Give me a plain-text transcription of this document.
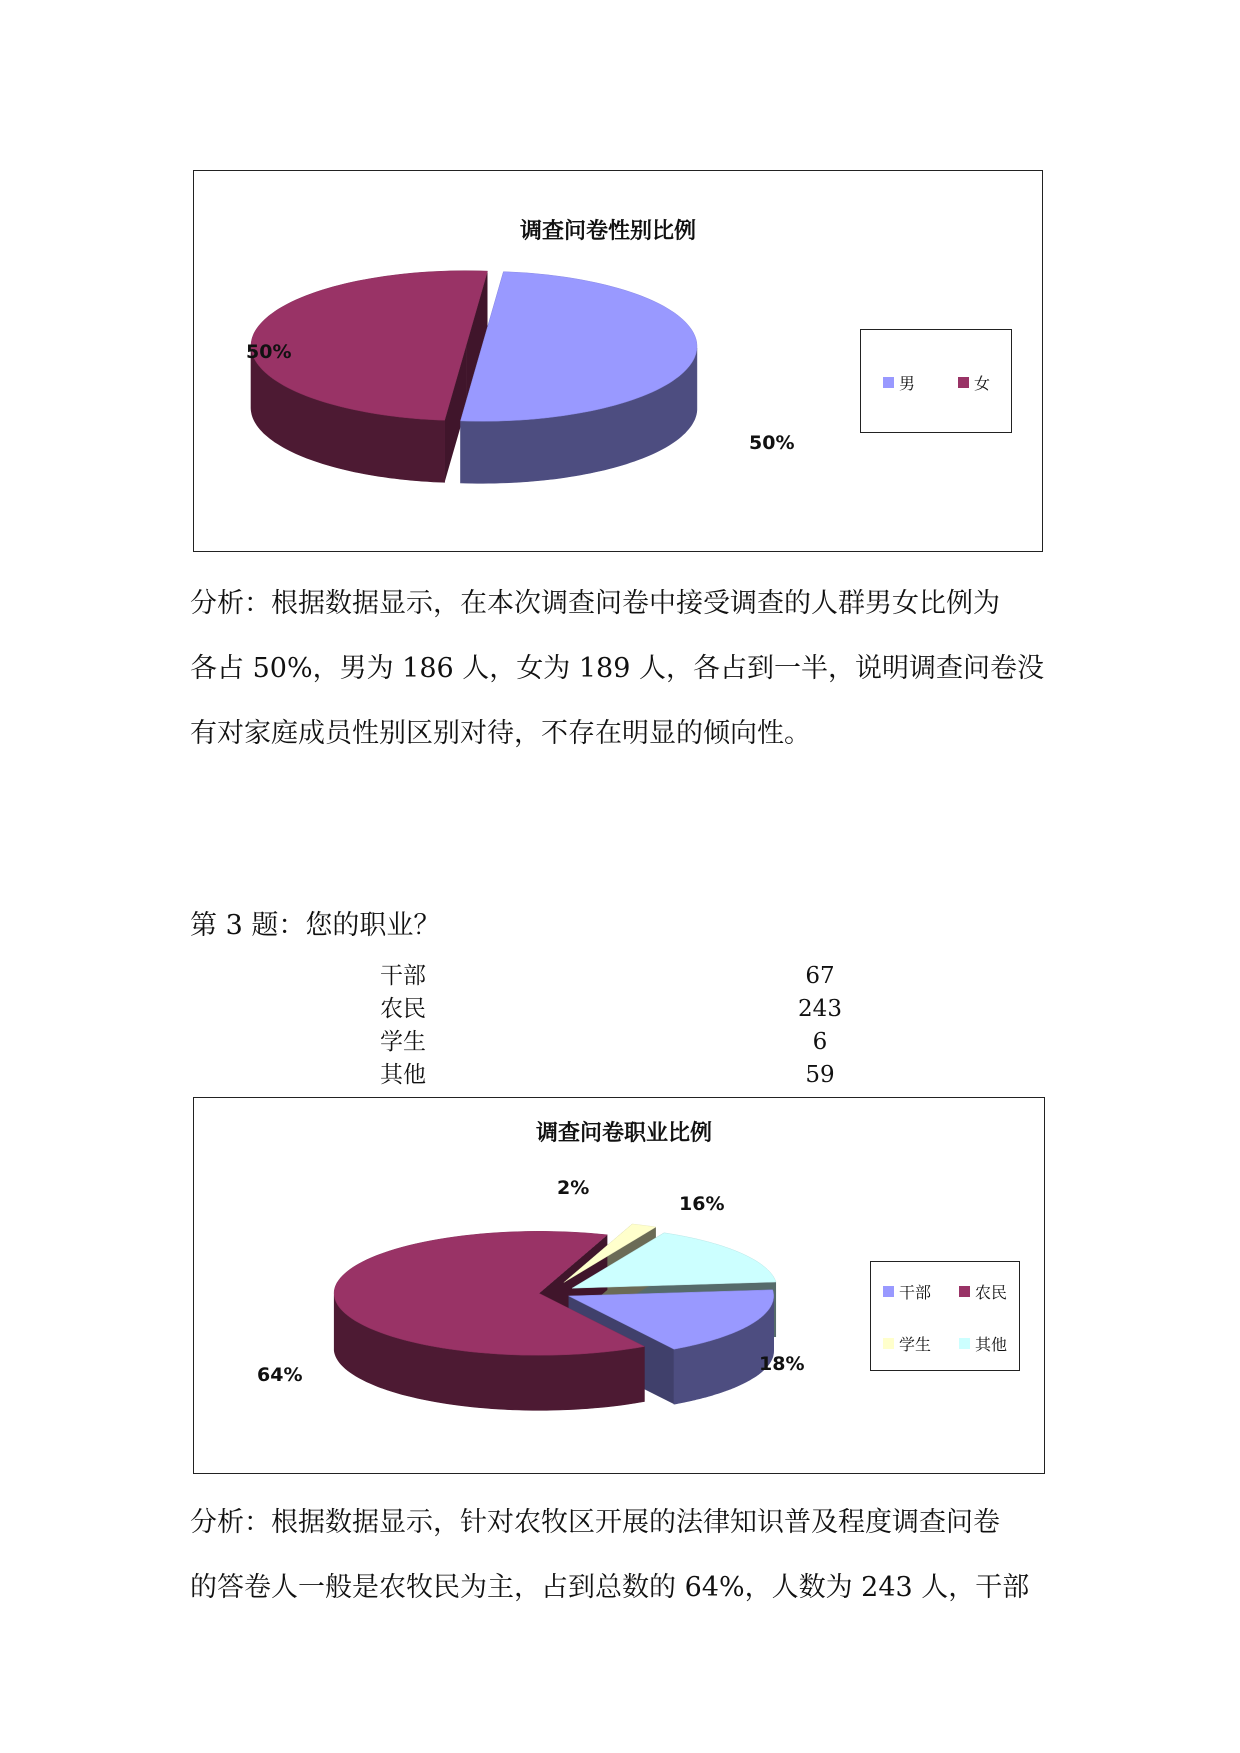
调查问卷性别比例
50%
50%
男	女
分析：根据数据显示，在本次调查问卷中接受调查的人群男女比例为
各占 50%，男为 186 人，女为 189 人，各占到一半，说明调查问卷没
有对家庭成员性别区别对待，不存在明显的倾向性。

第 3 题：您的职业？

干部	67
农民	243
学生	6
其他	59
调查问卷职业比例
2%
16%
18%
64%
干部	农民
学生	其他
分析：根据数据显示，针对农牧区开展的法律知识普及程度调查问卷
的答卷人一般是农牧民为主，占到总数的 64%，人数为 243 人，干部
